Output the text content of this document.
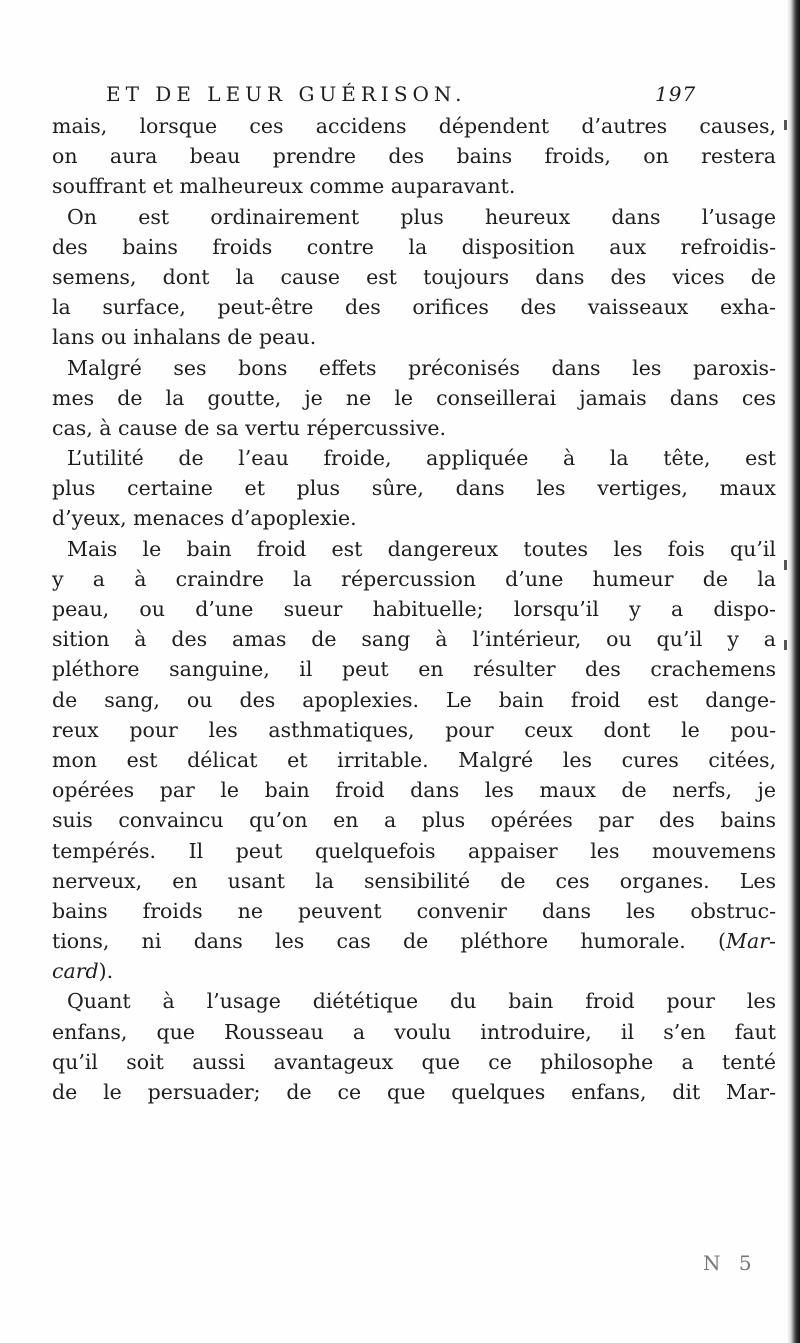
ET DE LEUR GUÉRISON.	197
mais, lorsque ces accidens dépendent d’autres causes,
on aura beau prendre des bains froids, on restera
souffrant et malheureux comme auparavant.
On est ordinairement plus heureux dans l’usage
des bains froids contre la disposition aux refroidis-
semens, dont la cause est toujours dans des vices de
la surface, peut-être des orifices des vaisseaux exha-
lans ou inhalans de peau.
Malgré ses bons effets préconisés dans les paroxis-
mes de la goutte, je ne le conseillerai jamais dans ces
cas, à cause de sa vertu répercussive.
L’utilité de l’eau froide, appliquée à la tête, est
plus certaine et plus sûre, dans les vertiges, maux
d’yeux, menaces d’apoplexie.
Mais le bain froid est dangereux toutes les fois qu’il
y a à craindre la répercussion d’une humeur de la
peau, ou d’une sueur habituelle; lorsqu’il y a dispo-
sition à des amas de sang à l’intérieur, ou qu’il y a
pléthore sanguine, il peut en résulter des crachemens
de sang, ou des apoplexies. Le bain froid est dange-
reux pour les asthmatiques, pour ceux dont le pou-
mon est délicat et irritable. Malgré les cures citées,
opérées par le bain froid dans les maux de nerfs, je
suis convaincu qu’on en a plus opérées par des bains
tempérés. Il peut quelquefois appaiser les mouvemens
nerveux, en usant la sensibilité de ces organes. Les
bains froids ne peuvent convenir dans les obstruc-
tions, ni dans les cas de pléthore humorale. (Mar-
card).
Quant à l’usage diététique du bain froid pour les
enfans, que Rousseau a voulu introduire, il s’en faut
qu’il soit aussi avantageux que ce philosophe a tenté
de le persuader; de ce que quelques enfans, dit Mar-
N 5
